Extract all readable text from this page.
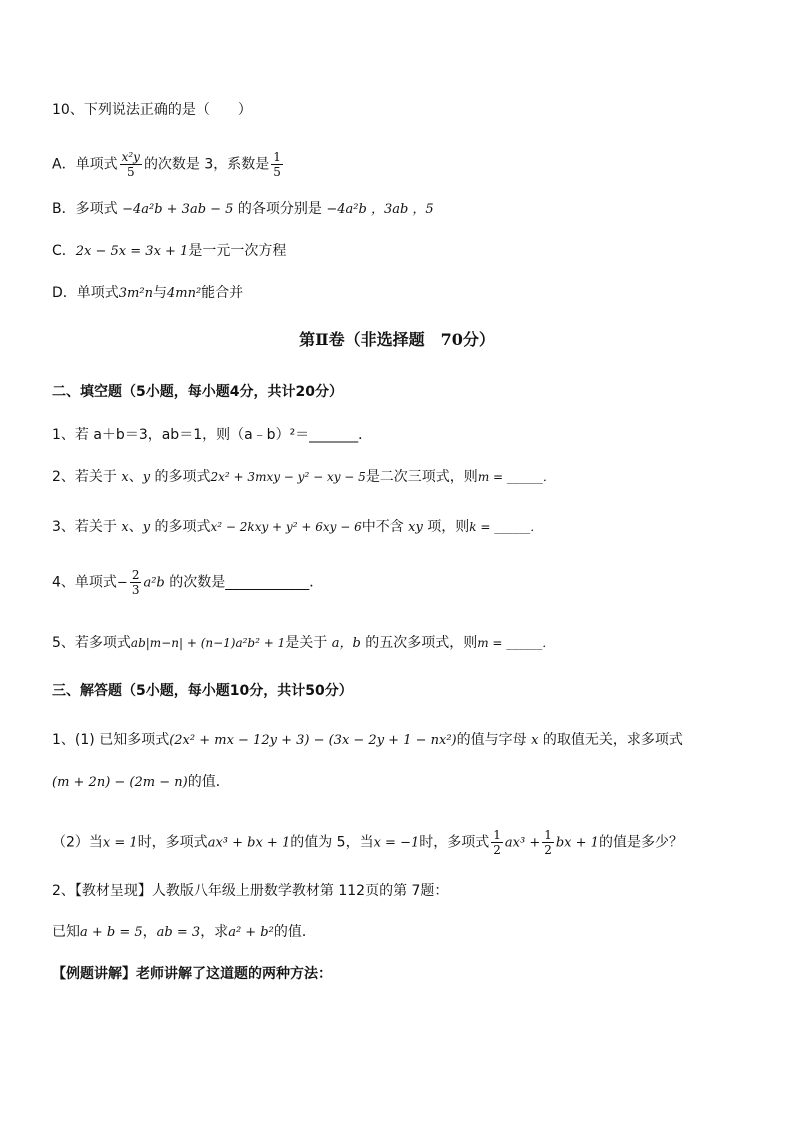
10、下列说法正确的是（　　）
A．单项式 $\frac{\text{x²y}}{5}$ 的次数是 3，系数是 $\frac{1}{5}$
B．多项式 −4a²b + 3ab − 5 的各项分别是 −4a²b ，3ab ，5
C．2x − 5x = 3x + 1是一元一次方程
D．单项式3m²n与4mn²能合并
第Ⅱ卷（非选择题　70分）
二、填空题（5小题，每小题4分，共计20分）
1、若 a＋b＝3，ab＝1，则（a﹣b）²＝_______．
2、若关于 x、y 的多项式2x² + 3mxy − y² − xy − 5是二次三项式，则m = ______．
3、若关于 x、y 的多项式x² − 2kxy + y² + 6xy − 6中不含 xy 项，则k = ______．
4、单项式− $\frac{2}{3} a^2b$ 的次数是____________．
5、若多项式ab|m−n| + (n−1)a²b² + 1是关于 a，b 的五次多项式，则m = ______．
三、解答题（5小题，每小题10分，共计50分）
1、(1) 已知多项式(2x² + mx − 12y + 3) − (3x − 2y + 1 − nx²)的值与字母 x 的取值无关，求多项式
(m + 2n) − (2m − n)的值．
（2）当x = 1时，多项式ax³ + bx + 1的值为 5，当x = −1时，多项式 $\frac{1}{2} ax^3 + \frac{1}{2}$ bx + 1的值是多少？
2、【教材呈现】人教版八年级上册数学教材第 112页的第 7题：
已知a + b = 5，ab = 3，求a² + b²的值．
【例题讲解】老师讲解了这道题的两种方法：
